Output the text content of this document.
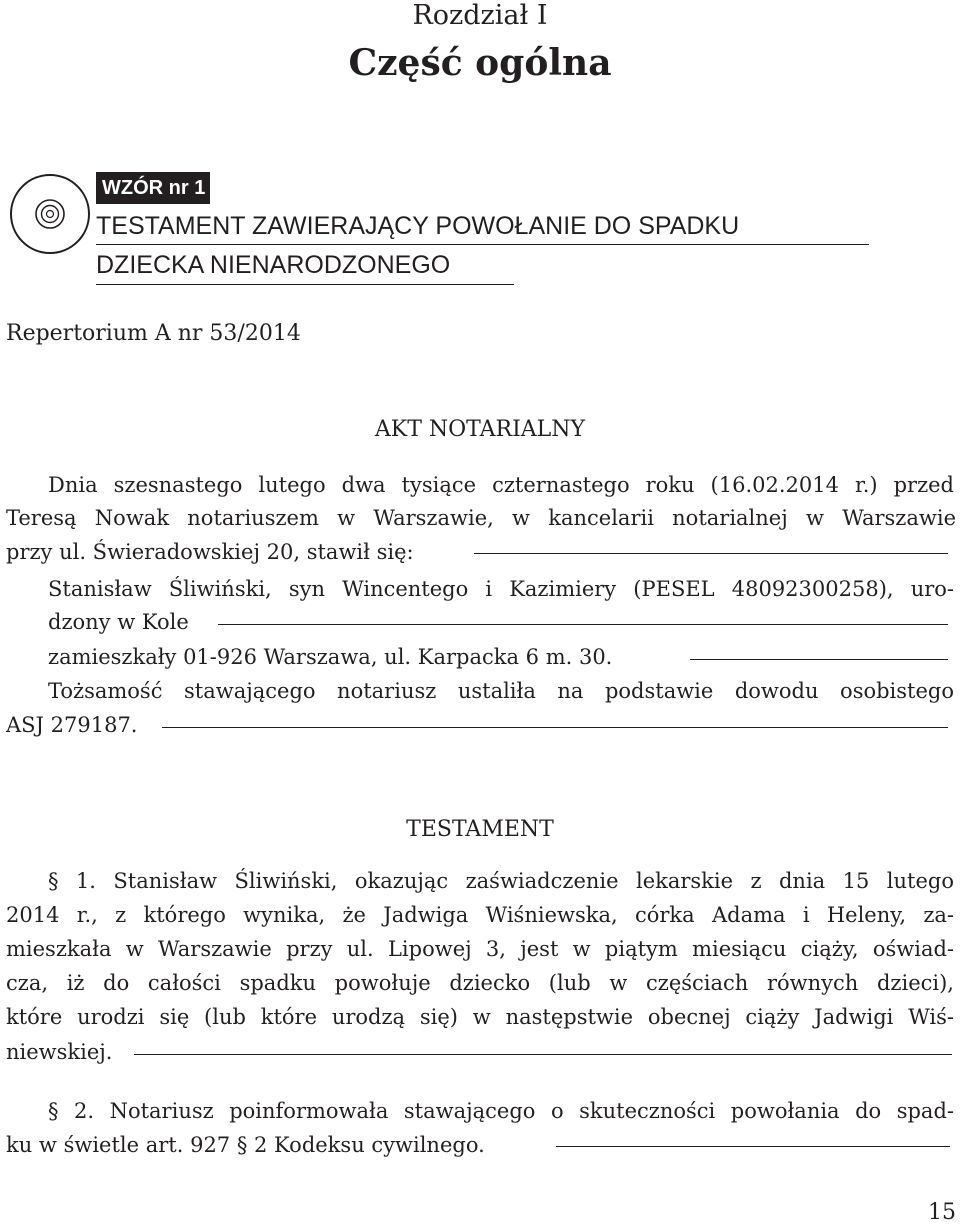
Rozdział I
Część ogólna
WZÓR nr 1
TESTAMENT ZAWIERAJĄCY POWOŁANIE DO SPADKU
DZIECKA NIENARODZONEGO
Repertorium A nr 53/2014
AKT NOTARIALNY
Dnia szesnastego lutego dwa tysiące czternastego roku (16.02.2014 r.) przed
Teresą Nowak notariuszem w Warszawie, w kancelarii notarialnej w Warszawie
przy ul. Świeradowskiej 20, stawił się:
Stanisław Śliwiński, syn Wincentego i Kazimiery (PESEL 48092300258), uro-
dzony w Kole
zamieszkały 01-926 Warszawa, ul. Karpacka 6 m. 30.
Tożsamość stawającego notariusz ustaliła na podstawie dowodu osobistego
ASJ 279187.
TESTAMENT
§ 1. Stanisław Śliwiński, okazując zaświadczenie lekarskie z dnia 15 lutego
2014 r., z którego wynika, że Jadwiga Wiśniewska, córka Adama i Heleny, za-
mieszkała w Warszawie przy ul. Lipowej 3, jest w piątym miesiącu ciąży, oświad-
cza, iż do całości spadku powołuje dziecko (lub w częściach równych dzieci),
które urodzi się (lub które urodzą się) w następstwie obecnej ciąży Jadwigi Wiś-
niewskiej.
§ 2. Notariusz poinformowała stawającego o skuteczności powołania do spad-
ku w świetle art. 927 § 2 Kodeksu cywilnego.
15
